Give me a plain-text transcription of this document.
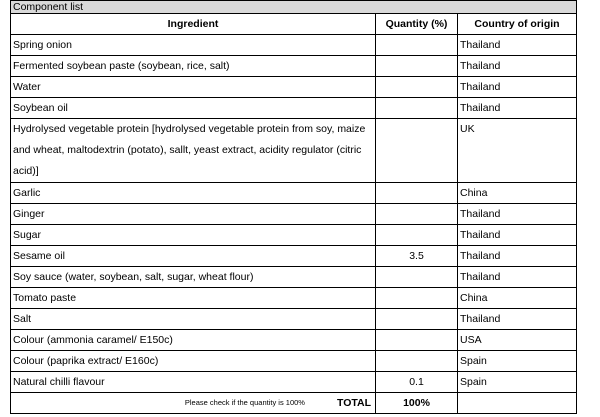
Component list		
Ingredient	Quantity (%)	Country of origin
Spring onion		Thailand
Fermented soybean paste (soybean, rice, salt)		Thailand
Water		Thailand
Soybean oil		Thailand
Hydrolysed vegetable protein [hydrolysed vegetable protein from soy, maize and wheat, maltodextrin (potato), sallt, yeast extract, acidity regulator (citric acid)]		UK
Garlic		China
Ginger		Thailand
Sugar		Thailand
Sesame oil	3.5	Thailand
Soy sauce (water, soybean, salt, sugar, wheat flour)		Thailand
Tomato paste		China
Salt		Thailand
Colour (ammonia caramel/ E150c)		USA
Colour (paprika extract/ E160c)		Spain
Natural chilli flavour	0.1	Spain

Please check if the quantity is 100% TOTAL	100%	
